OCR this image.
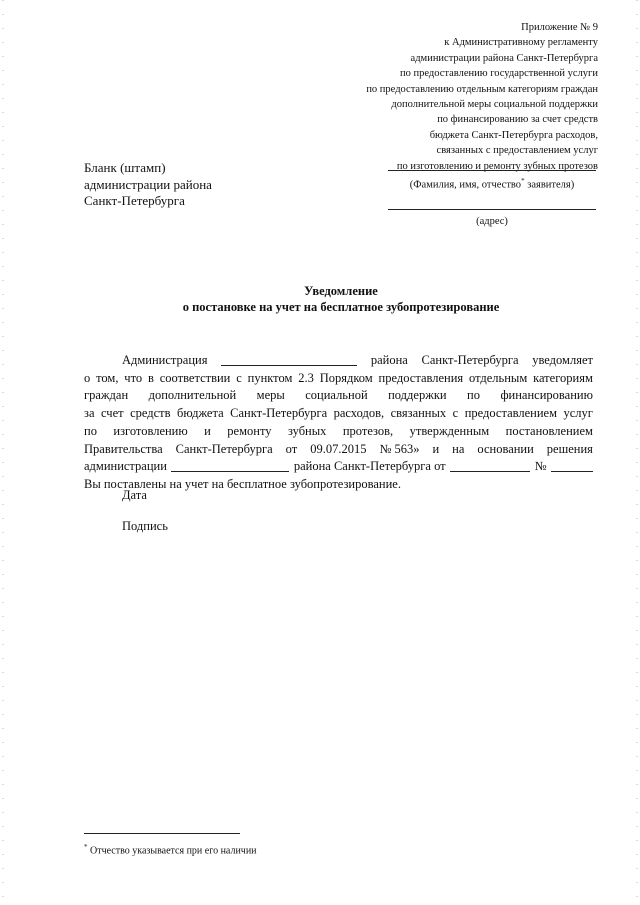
Приложение № 9
к Административному регламенту
администрации района Санкт-Петербурга
по предоставлению государственной услуги
по предоставлению отдельным категориям граждан
дополнительной меры социальной поддержки
по финансированию за счет средств
бюджета Санкт-Петербурга расходов,
связанных с предоставлением услуг
по изготовлению и ремонту зубных протезов
Бланк (штамп)
администрации района
Санкт-Петербурга
(Фамилия, имя, отчество* заявителя)
(адрес)
Уведомление
о постановке на учет на бесплатное зубопротезирование
Администрация	района Санкт-Петербурга уведомляет
о том, что в соответствии с пунктом 2.3 Порядком предоставления отдельным категориям
граждан дополнительной меры социальной поддержки по финансированию
за счет средств бюджета Санкт-Петербурга расходов, связанных с предоставлением услуг
по изготовлению и ремонту зубных протезов, утвержденным постановлением
Правительства Санкт-Петербурга от 09.07.2015 № 563» и на основании решения
администрации	района Санкт-Петербурга от	№
Вы поставлены на учет на бесплатное зубопротезирование.
Дата
Подпись
* Отчество указывается при его наличии
